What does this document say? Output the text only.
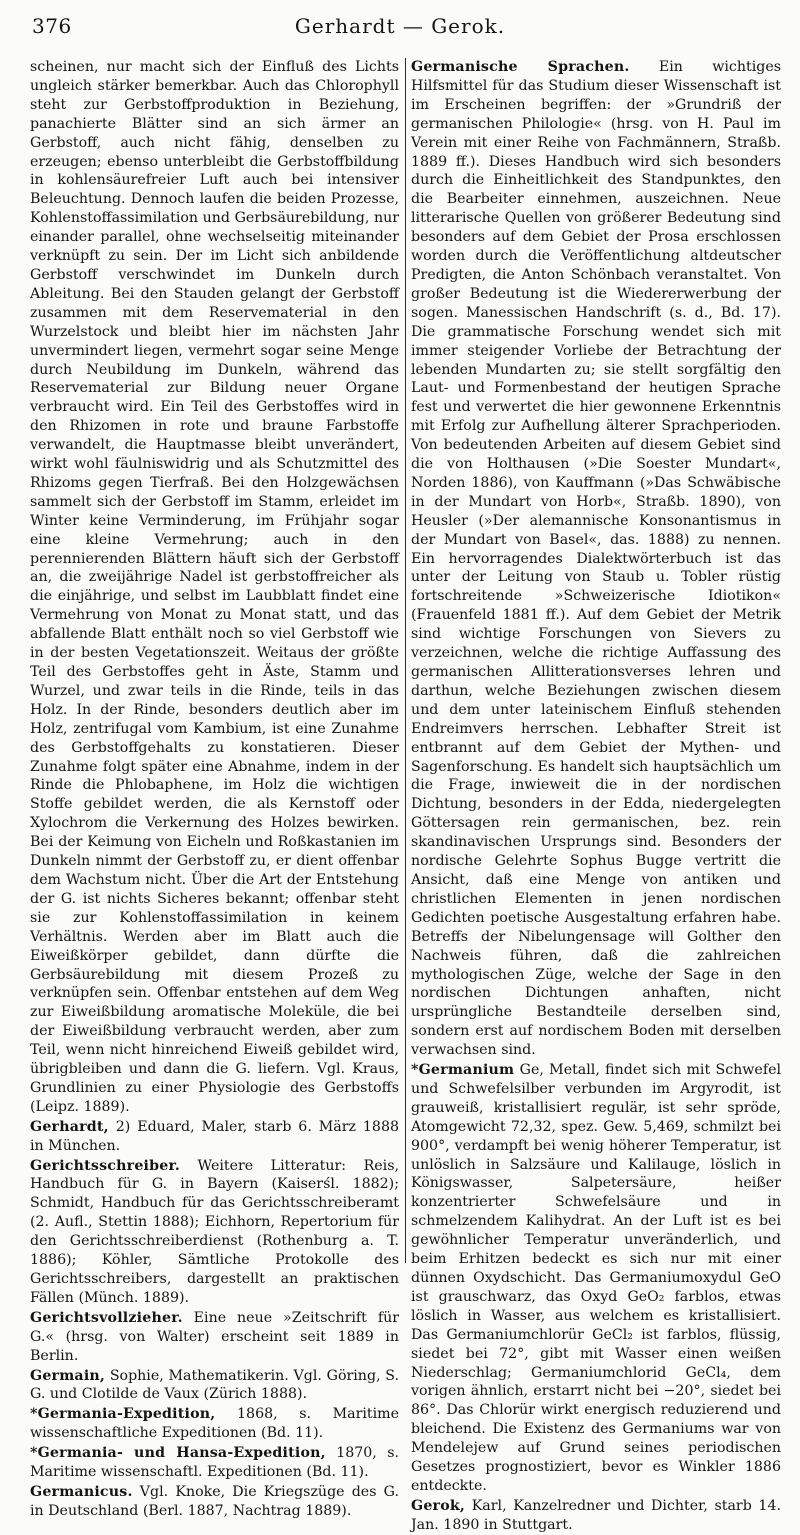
376	Gerhardt — Gerok.

scheinen, nur macht sich der Einfluß des Lichts ungleich stärker bemerkbar. Auch das Chlorophyll steht zur Gerbstoffproduktion in Beziehung, panachierte Blätter sind an sich ärmer an Gerbstoff, auch nicht fähig, denselben zu erzeugen; ebenso unterbleibt die Gerbstoffbildung in kohlensäurefreier Luft auch bei intensiver Beleuchtung. Dennoch laufen die beiden Prozesse, Kohlenstoffassimilation und Gerbsäurebildung, nur einander parallel, ohne wechselseitig miteinander verknüpft zu sein. Der im Licht sich anbildende Gerbstoff verschwindet im Dunkeln durch Ableitung. Bei den Stauden gelangt der Gerbstoff zusammen mit dem Reservematerial in den Wurzelstock und bleibt hier im nächsten Jahr unvermindert liegen, vermehrt sogar seine Menge durch Neubildung im Dunkeln, während das Reservematerial zur Bildung neuer Organe verbraucht wird. Ein Teil des Gerbstoffes wird in den Rhizomen in rote und braune Farbstoffe verwandelt, die Hauptmasse bleibt unverändert, wirkt wohl fäulniswidrig und als Schutzmittel des Rhizoms gegen Tierfraß. Bei den Holzgewächsen sammelt sich der Gerbstoff im Stamm, erleidet im Winter keine Verminderung, im Frühjahr sogar eine kleine Vermehrung; auch in den perennierenden Blättern häuft sich der Gerbstoff an, die zweijährige Nadel ist gerbstoffreicher als die einjährige, und selbst im Laubblatt findet eine Vermehrung von Monat zu Monat statt, und das abfallende Blatt enthält noch so viel Gerbstoff wie in der besten Vegetationszeit. Weitaus der größte Teil des Gerbstoffes geht in Äste, Stamm und Wurzel, und zwar teils in die Rinde, teils in das Holz. In der Rinde, besonders deutlich aber im Holz, zentrifugal vom Kambium, ist eine Zunahme des Gerbstoffgehalts zu konstatieren. Dieser Zunahme folgt später eine Abnahme, indem in der Rinde die Phlobaphene, im Holz die wichtigen Stoffe gebildet werden, die als Kernstoff oder Xylochrom die Verkernung des Holzes bewirken. Bei der Keimung von Eicheln und Roßkastanien im Dunkeln nimmt der Gerbstoff zu, er dient offenbar dem Wachstum nicht. Über die Art der Entstehung der G. ist nichts Sicheres bekannt; offenbar steht sie zur Kohlenstoffassimilation in keinem Verhältnis. Werden aber im Blatt auch die Eiweißkörper gebildet, dann dürfte die Gerbsäurebildung mit diesem Prozeß zu verknüpfen sein. Offenbar entstehen auf dem Weg zur Eiweißbildung aromatische Moleküle, die bei der Eiweißbildung verbraucht werden, aber zum Teil, wenn nicht hinreichend Eiweiß gebildet wird, übrigbleiben und dann die G. liefern. Vgl. Kraus, Grundlinien zu einer Physiologie des Gerbstoffs (Leipz. 1889).

Gerhardt, 2) Eduard, Maler, starb 6. März 1888 in München.

Gerichtsschreiber. Weitere Litteratur: Reis, Handbuch für G. in Bayern (Kaiserśl. 1882); Schmidt, Handbuch für das Gerichtsschreiberamt (2. Aufl., Stettin 1888); Eichhorn, Repertorium für den Gerichtsschreiberdienst (Rothenburg a. T. 1886); Köhler, Sämtliche Protokolle des Gerichtsschreibers, dargestellt an praktischen Fällen (Münch. 1889).

Gerichtsvollzieher. Eine neue »Zeitschrift für G.« (hrsg. von Walter) erscheint seit 1889 in Berlin.

Germain, Sophie, Mathematikerin. Vgl. Göring, S. G. und Clotilde de Vaux (Zürich 1888).

*Germania-Expedition, 1868, s. Maritime wissenschaftliche Expeditionen (Bd. 11).

*Germania- und Hansa-Expedition, 1870, s. Maritime wissenschaftl. Expeditionen (Bd. 11).

Germanicus. Vgl. Knoke, Die Kriegszüge des G. in Deutschland (Berl. 1887, Nachtrag 1889).

Germanische Sprachen. Ein wichtiges Hilfsmittel für das Studium dieser Wissenschaft ist im Erscheinen begriffen: der »Grundriß der germanischen Philologie« (hrsg. von H. Paul im Verein mit einer Reihe von Fachmännern, Straßb. 1889 ff.). Dieses Handbuch wird sich besonders durch die Einheitlichkeit des Standpunktes, den die Bearbeiter einnehmen, auszeichnen. Neue litterarische Quellen von größerer Bedeutung sind besonders auf dem Gebiet der Prosa erschlossen worden durch die Veröffentlichung altdeutscher Predigten, die Anton Schönbach veranstaltet. Von großer Bedeutung ist die Wiedererwerbung der sogen. Manessischen Handschrift (s. d., Bd. 17). Die grammatische Forschung wendet sich mit immer steigender Vorliebe der Betrachtung der lebenden Mundarten zu; sie stellt sorgfältig den Laut- und Formenbestand der heutigen Sprache fest und verwertet die hier gewonnene Erkenntnis mit Erfolg zur Aufhellung älterer Sprachperioden. Von bedeutenden Arbeiten auf diesem Gebiet sind die von Holthausen (»Die Soester Mundart«, Norden 1886), von Kauffmann (»Das Schwäbische in der Mundart von Horb«, Straßb. 1890), von Heusler (»Der alemannische Konsonantismus in der Mundart von Basel«, das. 1888) zu nennen. Ein hervorragendes Dialektwörterbuch ist das unter der Leitung von Staub u. Tobler rüstig fortschreitende »Schweizerische Idiotikon« (Frauenfeld 1881 ff.). Auf dem Gebiet der Metrik sind wichtige Forschungen von Sievers zu verzeichnen, welche die richtige Auffassung des germanischen Allitterationsverses lehren und darthun, welche Beziehungen zwischen diesem und dem unter lateinischem Einfluß stehenden Endreimvers herrschen. Lebhafter Streit ist entbrannt auf dem Gebiet der Mythen- und Sagenforschung. Es handelt sich hauptsächlich um die Frage, inwieweit die in der nordischen Dichtung, besonders in der Edda, niedergelegten Göttersagen rein germanischen, bez. rein skandinavischen Ursprungs sind. Besonders der nordische Gelehrte Sophus Bugge vertritt die Ansicht, daß eine Menge von antiken und christlichen Elementen in jenen nordischen Gedichten poetische Ausgestaltung erfahren habe. Betreffs der Nibelungensage will Golther den Nachweis führen, daß die zahlreichen mythologischen Züge, welche der Sage in den nordischen Dichtungen anhaften, nicht ursprüngliche Bestandteile derselben sind, sondern erst auf nordischem Boden mit derselben verwachsen sind.

*Germanium Ge, Metall, findet sich mit Schwefel und Schwefelsilber verbunden im Argyrodit, ist grauweiß, kristallisiert regulär, ist sehr spröde, Atomgewicht 72,32, spez. Gew. 5,469, schmilzt bei 900°, verdampft bei wenig höherer Temperatur, ist unlöslich in Salzsäure und Kalilauge, löslich in Königswasser, Salpetersäure, heißer konzentrierter Schwefelsäure und in schmelzendem Kalihydrat. An der Luft ist es bei gewöhnlicher Temperatur unveränderlich, und beim Erhitzen bedeckt es sich nur mit einer dünnen Oxydschicht. Das Germaniumoxydul GeO ist grauschwarz, das Oxyd GeO₂ farblos, etwas löslich in Wasser, aus welchem es kristallisiert. Das Germaniumchlorür GeCl₂ ist farblos, flüssig, siedet bei 72°, gibt mit Wasser einen weißen Niederschlag; Germaniumchlorid GeCl₄, dem vorigen ähnlich, erstarrt nicht bei −20°, siedet bei 86°. Das Chlorür wirkt energisch reduzierend und bleichend. Die Existenz des Germaniums war von Mendelejew auf Grund seines periodischen Gesetzes prognostiziert, bevor es Winkler 1886 entdeckte.

Gerok, Karl, Kanzelredner und Dichter, starb 14. Jan. 1890 in Stuttgart.
